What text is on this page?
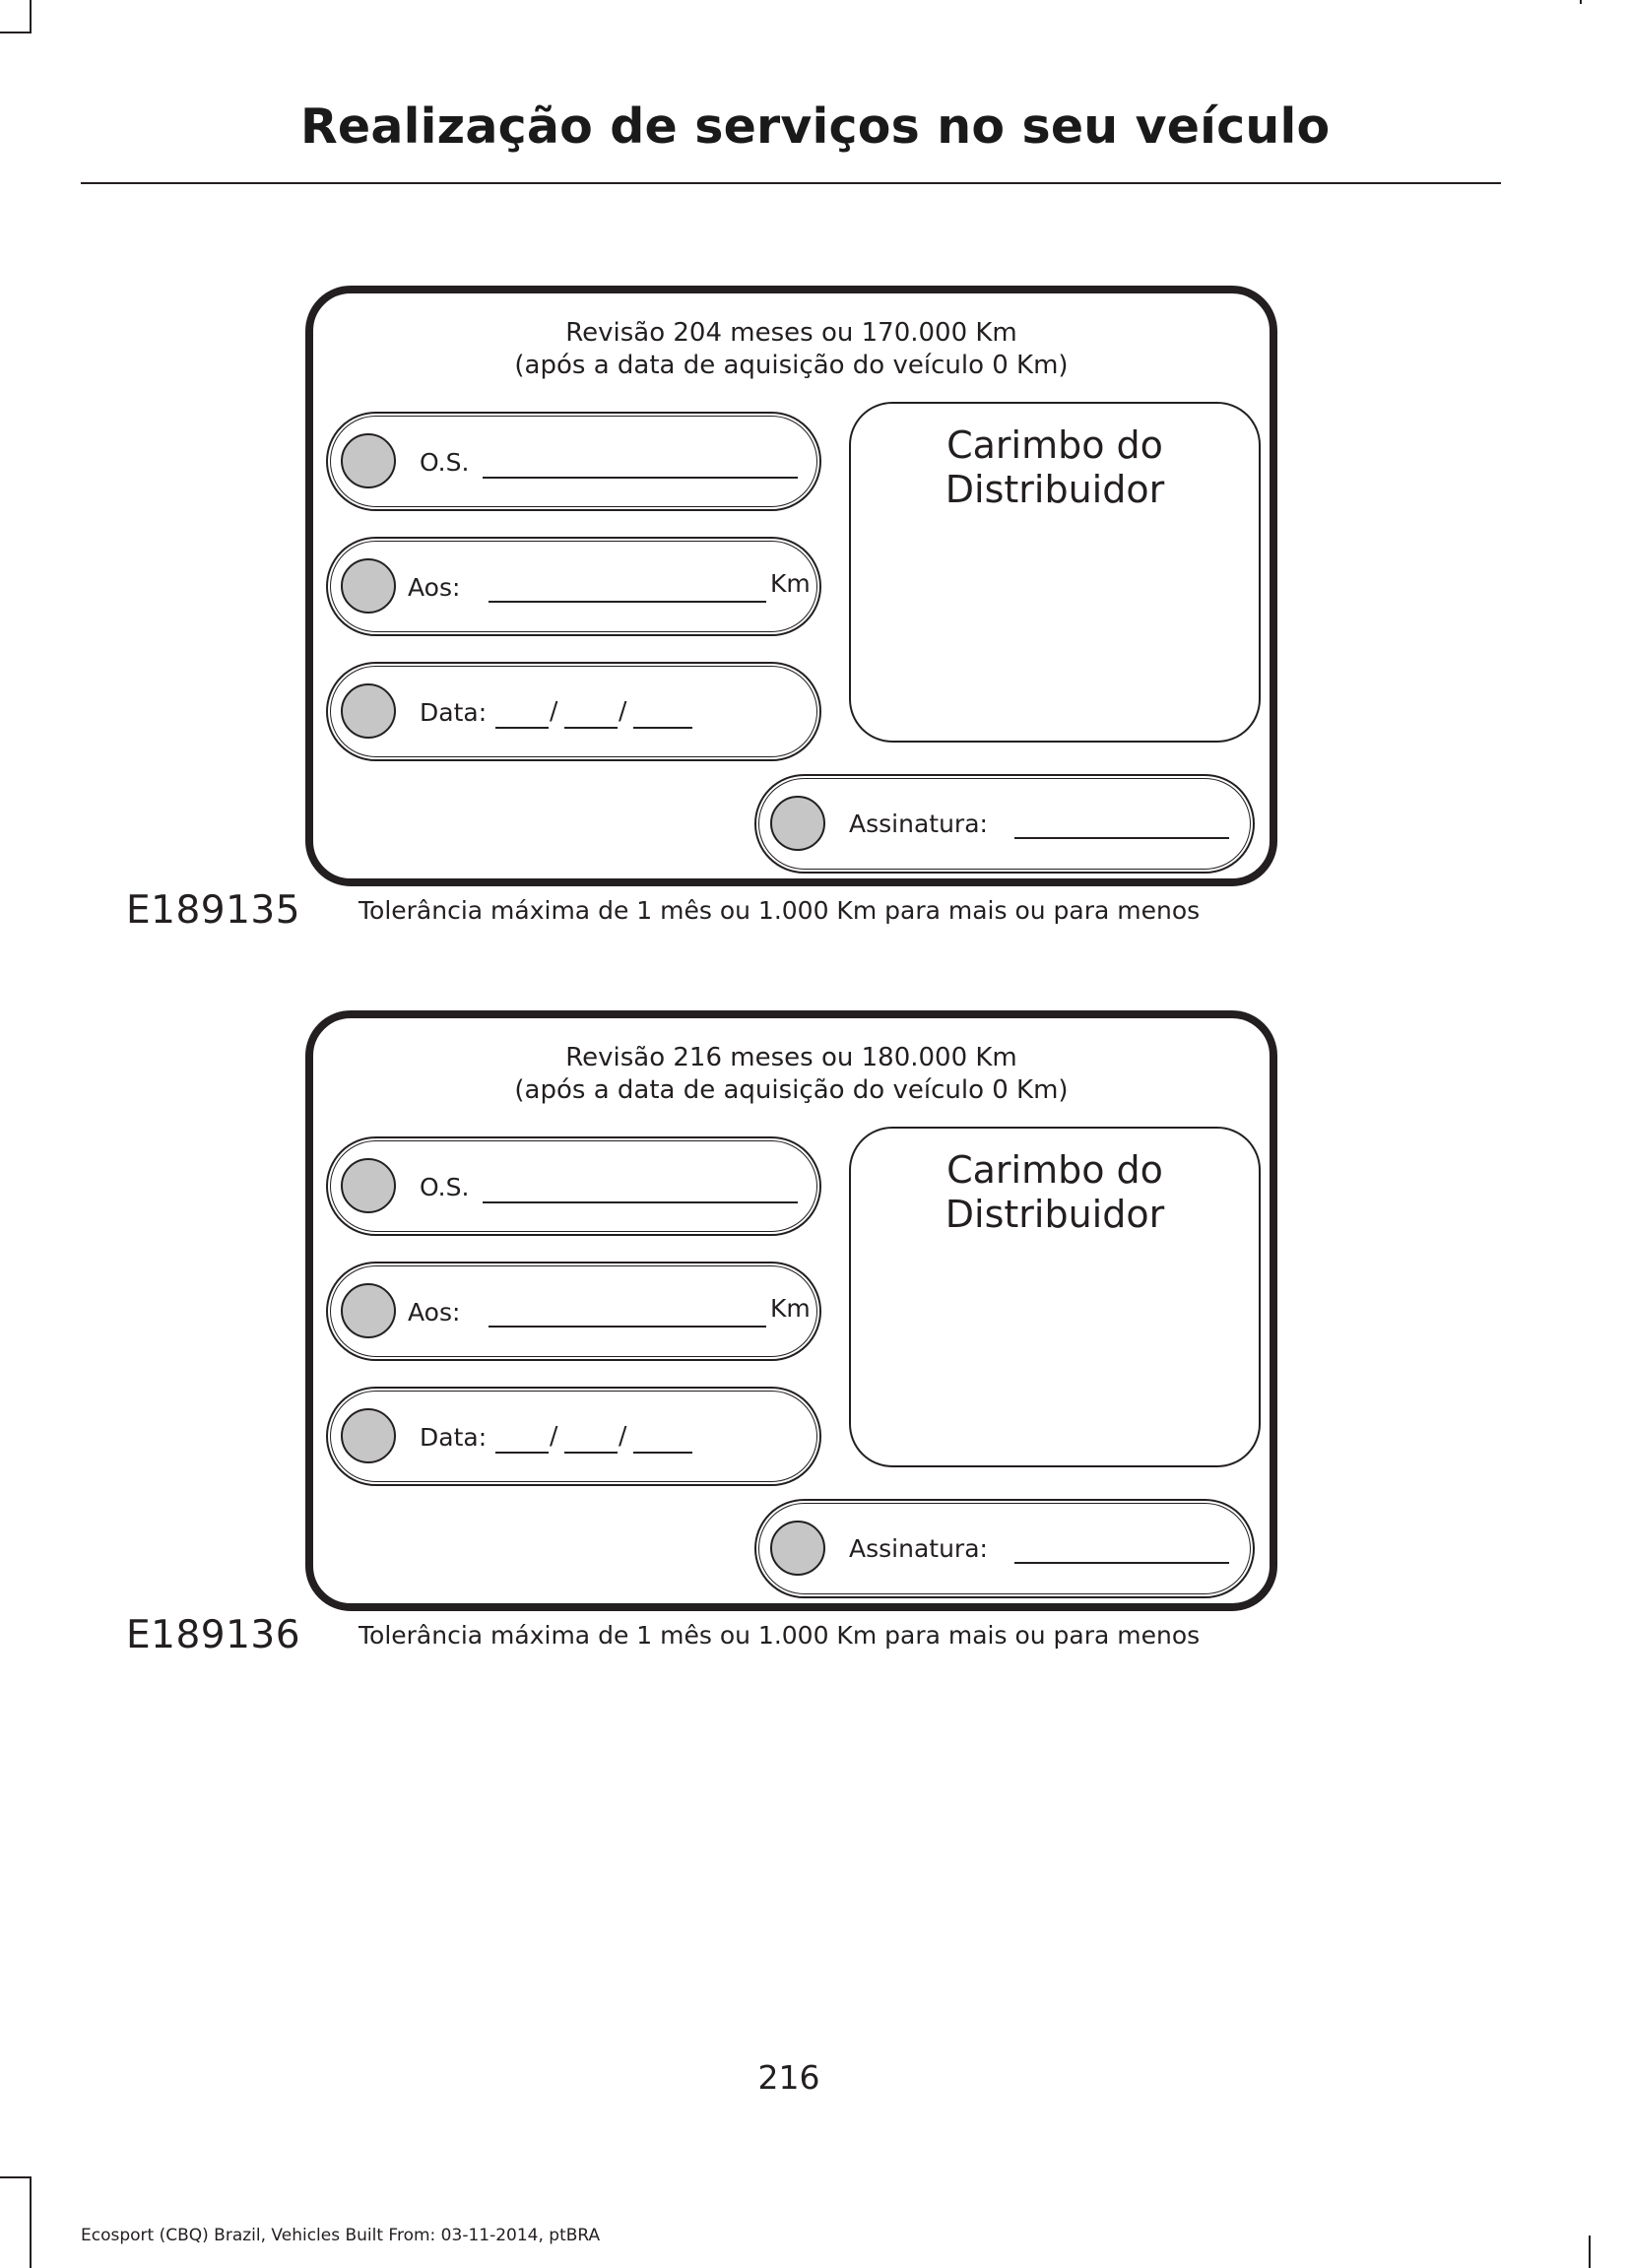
Realização de serviços no seu veículo
Revisão 204 meses ou 170.000 Km
(após a data de aquisição do veículo 0 Km)
O.S.
Aos:	Km
Data:	/ /
Carimbo do
Distribuidor
Assinatura:
E189135 Tolerância máxima de 1 mês ou 1.000 Km para mais ou para menos
Revisão 216 meses ou 180.000 Km
(após a data de aquisição do veículo 0 Km)
O.S.
Aos:	Km
Data:	/ /
Carimbo do
Distribuidor
Assinatura:
E189136 Tolerância máxima de 1 mês ou 1.000 Km para mais ou para menos
216
Ecosport (CBQ) Brazil, Vehicles Built From: 03-11-2014, ptBRA
